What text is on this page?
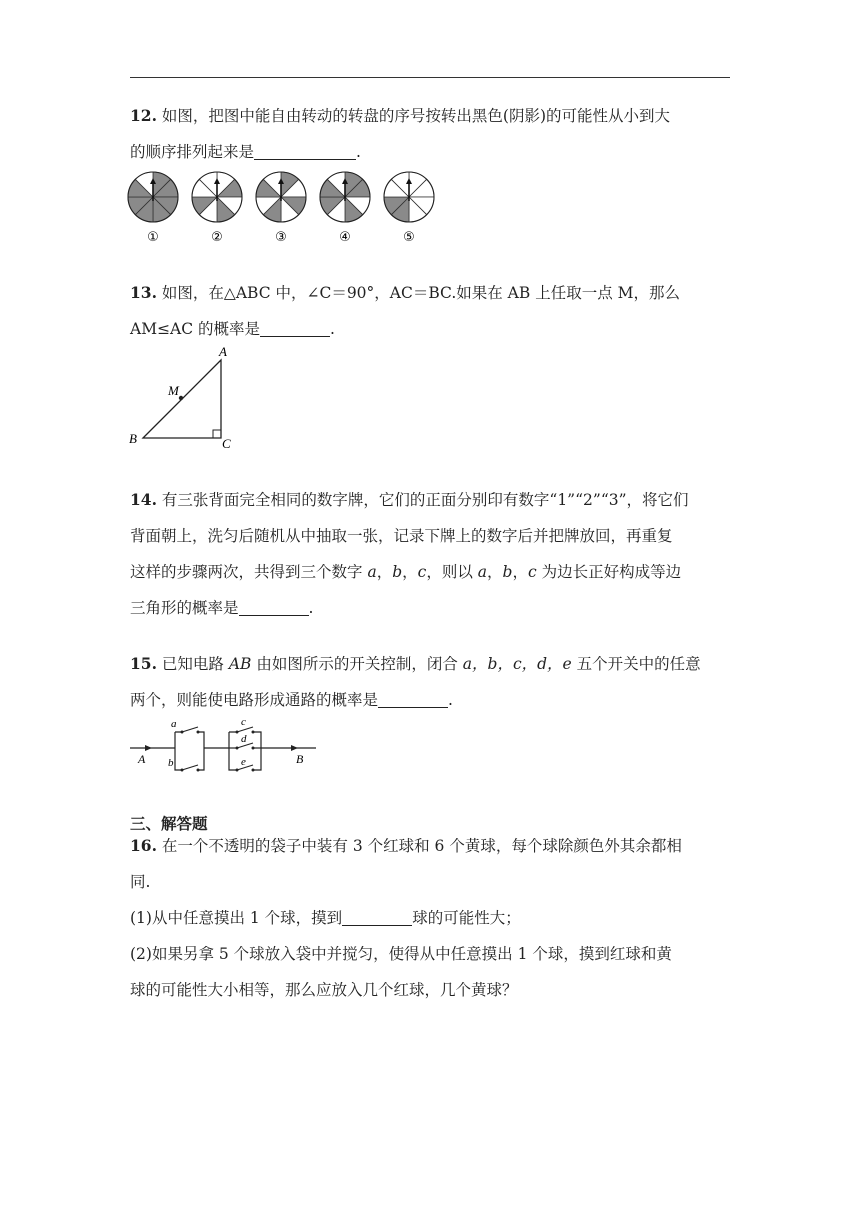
12. 如图，把图中能自由转动的转盘的序号按转出黑色(阴影)的可能性从小到大
的顺序排列起来是	.
①	②	③	④	⑤
13. 如图，在△ABC 中，∠C＝90°，AC＝BC.如果在 AB 上任取一点 M，那么
AM≤AC 的概率是	.
A
B	C
M
14. 有三张背面完全相同的数字牌，它们的正面分别印有数字“1”“2”“3”，将它们
背面朝上，洗匀后随机从中抽取一张，记录下牌上的数字后并把牌放回，再重复
这样的步骤两次，共得到三个数字 a，b，c，则以 a，b，c 为边长正好构成等边
三角形的概率是	.
15. 已知电路 AB 由如图所示的开关控制，闭合 a，b，c，d，e 五个开关中的任意
两个，则能使电路形成通路的概率是	.
a
b
c
d
e
A	B
三、解答题
16. 在一个不透明的袋子中装有 3 个红球和 6 个黄球，每个球除颜色外其余都相
同.
(1)从中任意摸出 1 个球，摸到	球的可能性大；
(2)如果另拿 5 个球放入袋中并搅匀，使得从中任意摸出 1 个球，摸到红球和黄
球的可能性大小相等，那么应放入几个红球，几个黄球？
